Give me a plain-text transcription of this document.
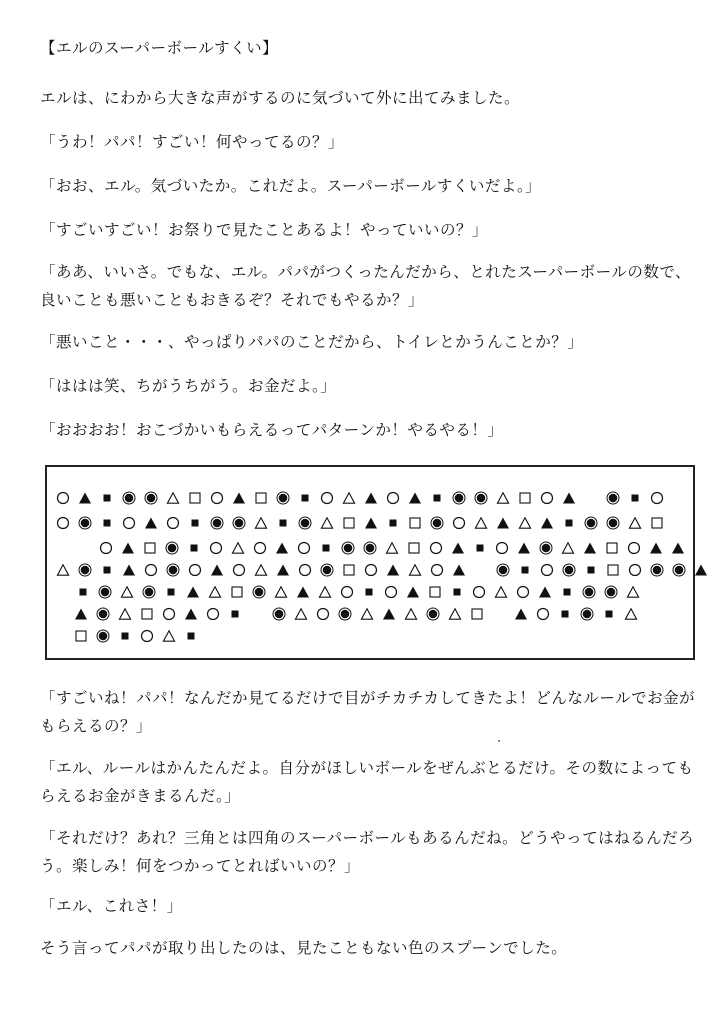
【エルのスーパーボールすくい】

エルは、にわから大きな声がするのに気づいて外に出てみました。

「うわ！パパ！すごい！何やってるの？」

「おお、エル。気づいたか。これだよ。スーパーボールすくいだよ。」

「すごいすごい！お祭りで見たことあるよ！やっていいの？」

「ああ、いいさ。でもな、エル。パパがつくったんだから、とれたスーパーボールの数で、良いことも悪いこともおきるぞ？それでもやるか？」

「悪いこと・・・、やっぱりパパのことだから、トイレとかうんことか？」

「ははは笑、ちがうちがう。お金だよ。」

「おおおお！おこづかいもらえるってパターンか！やるやる！」

「すごいね！パパ！なんだか見てるだけで目がチカチカしてきたよ！どんなルールでお金がもらえるの？」

「エル、ルールはかんたんだよ。自分がほしいボールをぜんぶとるだけ。その数によってもらえるお金がきまるんだ。」

「それだけ？あれ？三角とは四角のスーパーボールもあるんだね。どうやってはねるんだろう。楽しみ！何をつかってとればいいの？」

「エル、これさ！」

そう言ってパパが取り出したのは、見たこともない色のスプーンでした。
